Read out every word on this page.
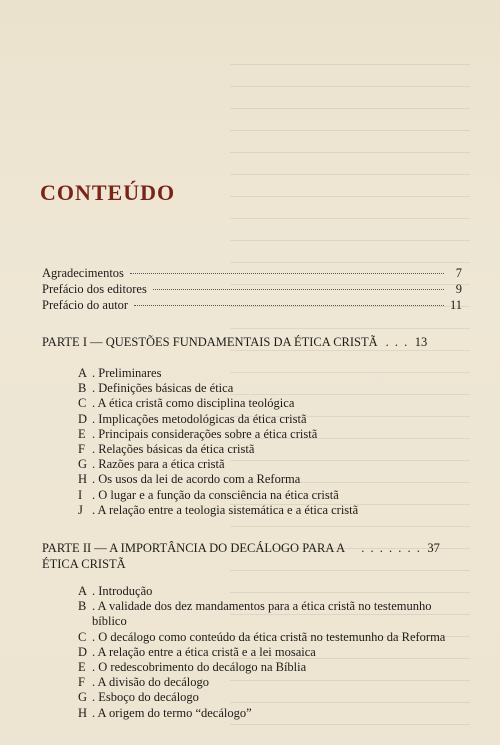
CONTEÚDO
Agradecimentos	7
Prefácio dos editores	9
Prefácio do autor	11
PARTE I — QUESTÕES FUNDAMENTAIS DA ÉTICA CRISTÃ . . . 13
A . Preliminares
B . Definições básicas de ética
C . A ética cristã como disciplina teológica
D . Implicações metodológicas da ética cristã
E . Principais considerações sobre a ética cristã
F . Relações básicas da ética cristã
G . Razões para a ética cristã
H . Os usos da lei de acordo com a Reforma
I . O lugar e a função da consciência na ética cristã
J . A relação entre a teologia sistemática e a ética cristã
PARTE II — A IMPORTÂNCIA DO DECÁLOGO PARA A . . . . . . . 37
ÉTICA CRISTÃ
A . Introdução
B . A validade dos dez mandamentos para a ética cristã no testemunho
bíblico
C . O decálogo como conteúdo da ética cristã no testemunho da Reforma
D . A relação entre a ética cristã e a lei mosaica
E . O redescobrimento do decálogo na Bíblia
F . A divisão do decálogo
G . Esboço do decálogo
H . A origem do termo “decálogo”
